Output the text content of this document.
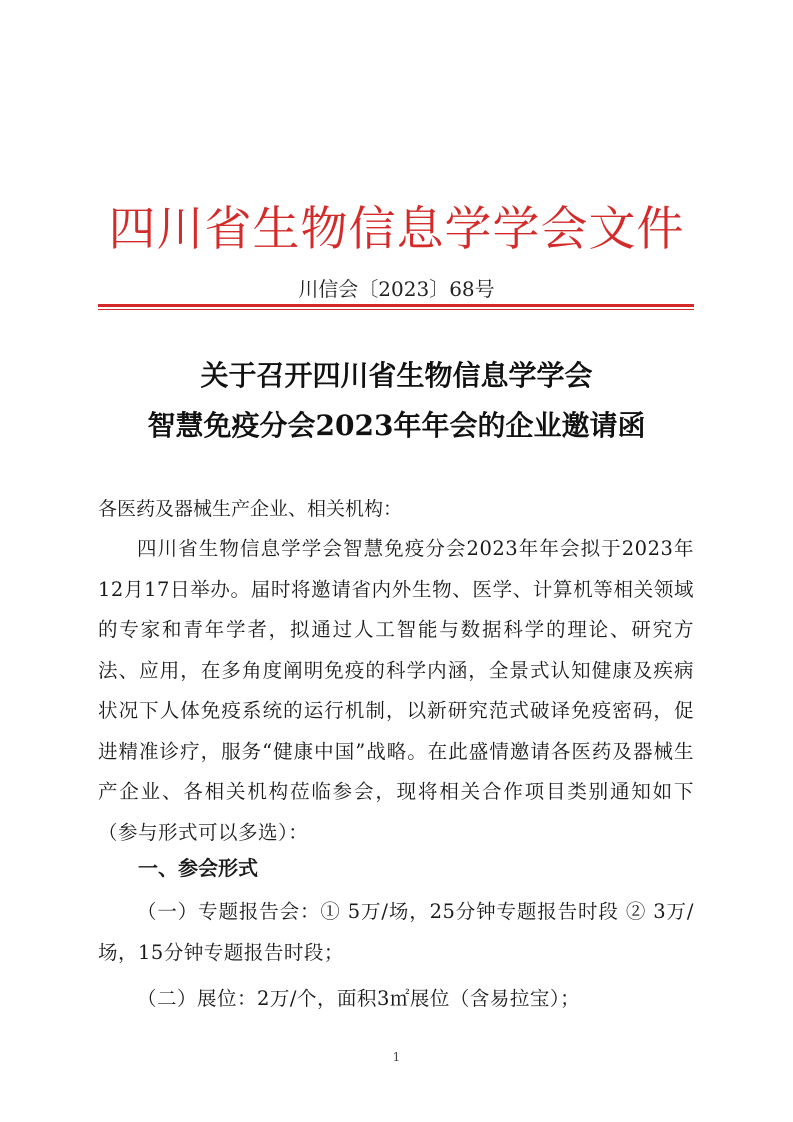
四川省生物信息学学会文件
川信会〔2023〕68号
关于召开四川省生物信息学学会
智慧免疫分会2023年年会的企业邀请函
各医药及器械生产企业、相关机构：
四川省生物信息学学会智慧免疫分会2023年年会拟于2023年12月17日举办。届时将邀请省内外生物、医学、计算机等相关领域的专家和青年学者，拟通过人工智能与数据科学的理论、研究方法、应用，在多角度阐明免疫的科学内涵，全景式认知健康及疾病状况下人体免疫系统的运行机制，以新研究范式破译免疫密码，促进精准诊疗，服务“健康中国”战略。在此盛情邀请各医药及器械生产企业、各相关机构莅临参会，现将相关合作项目类别通知如下（参与形式可以多选）：
一、参会形式
（一）专题报告会：① 5万/场，25分钟专题报告时段 ② 3万/场，15分钟专题报告时段；
（二）展位：2万/个，面积3㎡展位（含易拉宝）；
1
